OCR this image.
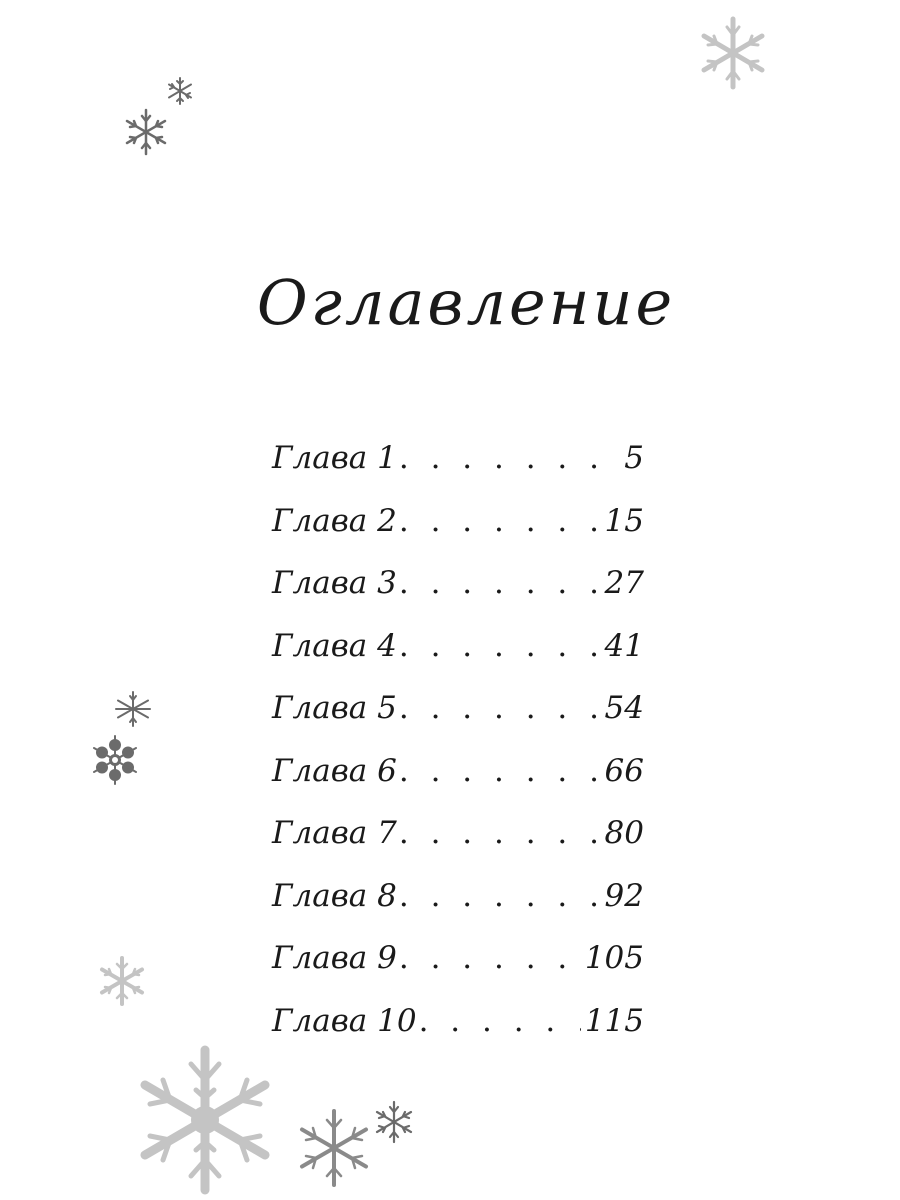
Оглавление
Глава 1 . . .	5
Глава 2 . . .	15
Глава 3 . . .	27
Глава 4 . . .	41
Глава 5 . . .	54
Глава 6 . . .	66
Глава 7 . . .	80
Глава 8 . . .	92
Глава 9 . . .	105
Глава 10 . . .	115
